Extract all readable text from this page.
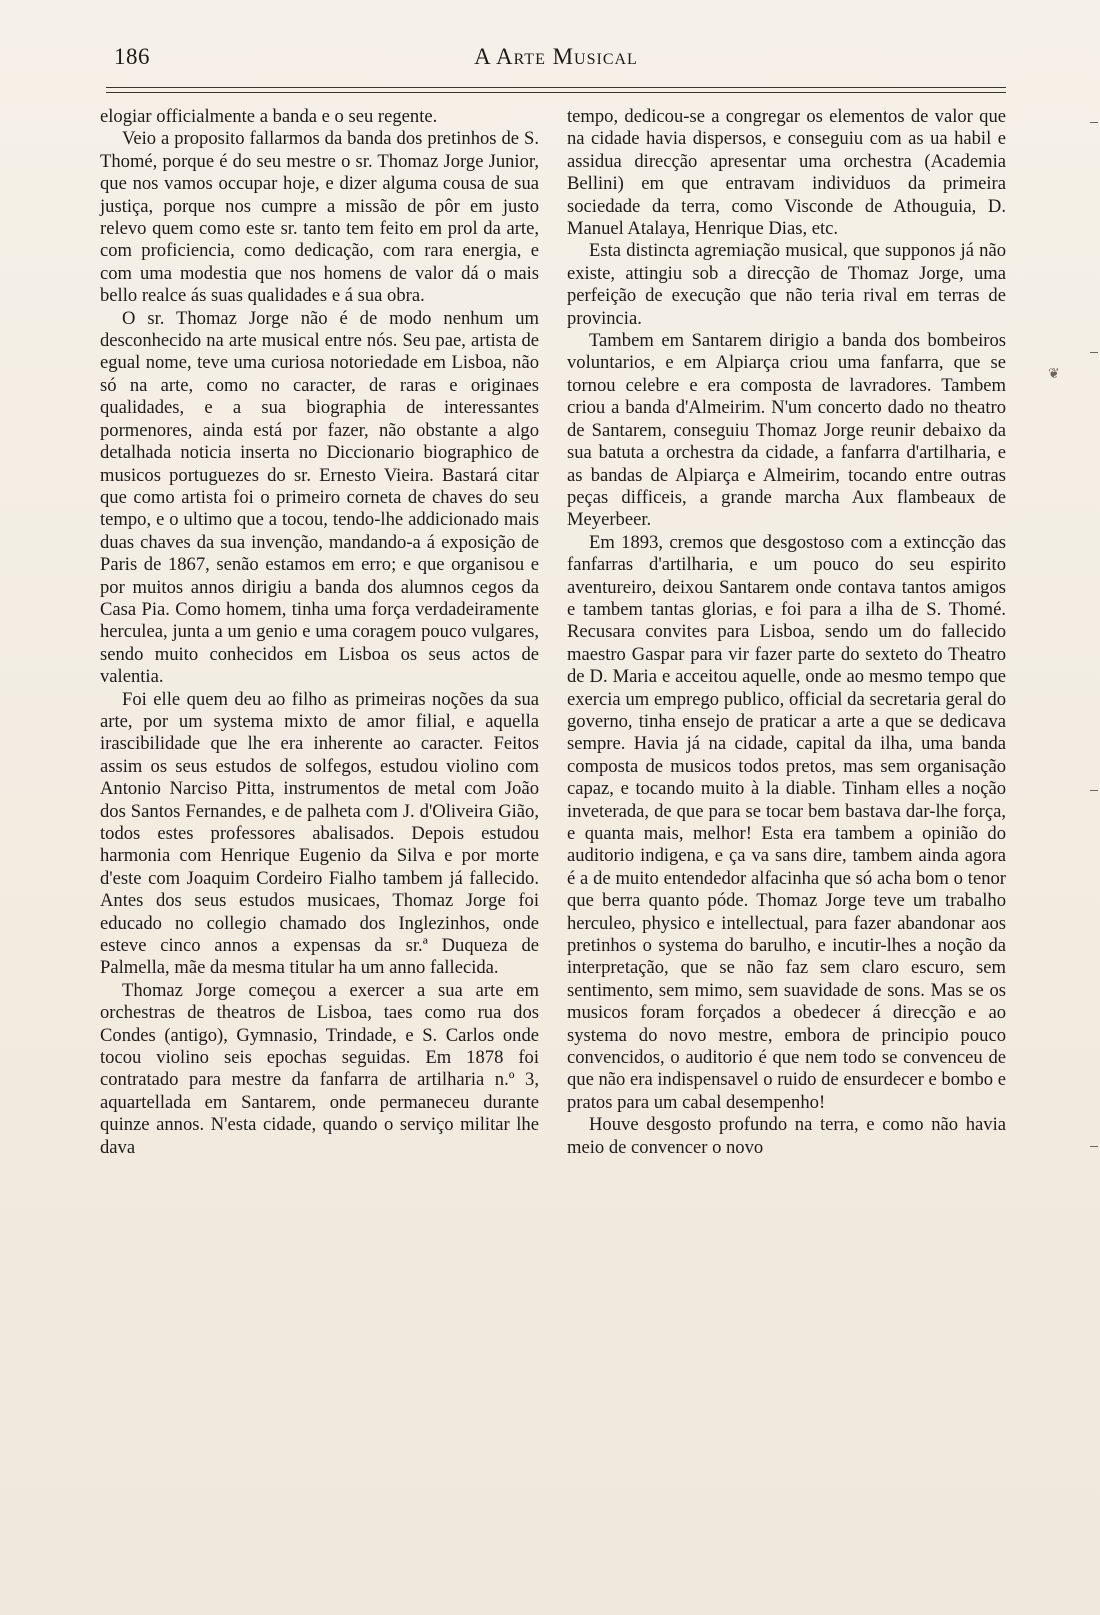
186	A Arte Musical

elogiar officialmente a banda e o seu regente.

Veio a proposito fallarmos da banda dos pretinhos de S. Thomé, porque é do seu mestre o sr. Thomaz Jorge Junior, que nos vamos occupar hoje, e dizer alguma cousa de sua justiça, porque nos cumpre a missão de pôr em justo relevo quem como este sr. tanto tem feito em prol da arte, com proficiencia, como dedicação, com rara energia, e com uma modestia que nos homens de valor dá o mais bello realce ás suas qualidades e á sua obra.

O sr. Thomaz Jorge não é de modo nenhum um desconhecido na arte musical entre nós. Seu pae, artista de egual nome, teve uma curiosa notoriedade em Lisboa, não só na arte, como no caracter, de raras e originaes qualidades, e a sua biographia de interessantes pormenores, ainda está por fazer, não obstante a algo detalhada noticia inserta no Diccionario biographico de musicos portuguezes do sr. Ernesto Vieira. Bastará citar que como artista foi o primeiro corneta de chaves do seu tempo, e o ultimo que a tocou, tendo-lhe addicionado mais duas chaves da sua invenção, mandando-a á exposição de Paris de 1867, senão estamos em erro; e que organisou e por muitos annos dirigiu a banda dos alumnos cegos da Casa Pia. Como homem, tinha uma força verdadeiramente herculea, junta a um genio e uma coragem pouco vulgares, sendo muito conhecidos em Lisboa os seus actos de valentia.

Foi elle quem deu ao filho as primeiras noções da sua arte, por um systema mixto de amor filial, e aquella irascibilidade que lhe era inherente ao caracter. Feitos assim os seus estudos de solfegos, estudou violino com Antonio Narciso Pitta, instrumentos de metal com João dos Santos Fernandes, e de palheta com J. d'Oliveira Gião, todos estes professores abalisados. Depois estudou harmonia com Henrique Eugenio da Silva e por morte d'este com Joaquim Cordeiro Fialho tambem já fallecido. Antes dos seus estudos musicaes, Thomaz Jorge foi educado no collegio chamado dos Inglezinhos, onde esteve cinco annos a expensas da sr.ª Duqueza de Palmella, mãe da mesma titular ha um anno fallecida.

Thomaz Jorge começou a exercer a sua arte em orchestras de theatros de Lisboa, taes como rua dos Condes (antigo), Gymnasio, Trindade, e S. Carlos onde tocou violino seis epochas seguidas. Em 1878 foi contratado para mestre da fanfarra de artilharia n.º 3, aquartellada em Santarem, onde permaneceu durante quinze annos. N'esta cidade, quando o serviço militar lhe dava

tempo, dedicou-se a congregar os elementos de valor que na cidade havia dispersos, e conseguiu com as ua habil e assidua direcção apresentar uma orchestra (Academia Bellini) em que entravam individuos da primeira sociedade da terra, como Visconde de Athouguia, D. Manuel Atalaya, Henrique Dias, etc.

Esta distincta agremiação musical, que supponos já não existe, attingiu sob a direcção de Thomaz Jorge, uma perfeição de execução que não teria rival em terras de provincia.

Tambem em Santarem dirigio a banda dos bombeiros voluntarios, e em Alpiarça criou uma fanfarra, que se tornou celebre e era composta de lavradores. Tambem criou a banda d'Almeirim. N'um concerto dado no theatro de Santarem, conseguiu Thomaz Jorge reunir debaixo da sua batuta a orchestra da cidade, a fanfarra d'artilharia, e as bandas de Alpiarça e Almeirim, tocando entre outras peças difficeis, a grande marcha Aux flambeaux de Meyerbeer.

Em 1893, cremos que desgostoso com a extincção das fanfarras d'artilharia, e um pouco do seu espirito aventureiro, deixou Santarem onde contava tantos amigos e tambem tantas glorias, e foi para a ilha de S. Thomé. Recusara convites para Lisboa, sendo um do fallecido maestro Gaspar para vir fazer parte do sexteto do Theatro de D. Maria e acceitou aquelle, onde ao mesmo tempo que exercia um emprego publico, official da secretaria geral do governo, tinha ensejo de praticar a arte a que se dedicava sempre. Havia já na cidade, capital da ilha, uma banda composta de musicos todos pretos, mas sem organisação capaz, e tocando muito à la diable. Tinham elles a noção inveterada, de que para se tocar bem bastava dar-lhe força, e quanta mais, melhor! Esta era tambem a opinião do auditorio indigena, e ça va sans dire, tambem ainda agora é a de muito entendedor alfacinha que só acha bom o tenor que berra quanto póde. Thomaz Jorge teve um trabalho herculeo, physico e intellectual, para fazer abandonar aos pretinhos o systema do barulho, e incutir-lhes a noção da interpretação, que se não faz sem claro escuro, sem sentimento, sem mimo, sem suavidade de sons. Mas se os musicos foram forçados a obedecer á direcção e ao systema do novo mestre, embora de principio pouco convencidos, o auditorio é que nem todo se convenceu de que não era indispensavel o ruido de ensurdecer e bombo e pratos para um cabal desempenho!

Houve desgosto profundo na terra, e como não havia meio de convencer o novo

❦
